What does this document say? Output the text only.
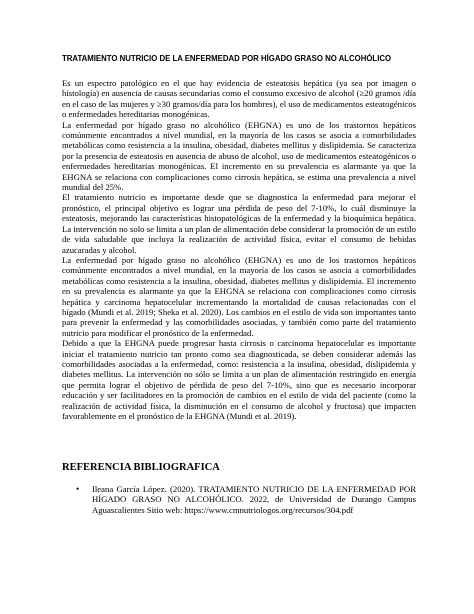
TRATAMIENTO NUTRICIO DE LA ENFERMEDAD POR HÍGADO GRASO NO ALCOHÓLICO

Es un espectro patológico en el que hay evidencia de esteatosis hepática (ya sea por imagen o histología) en ausencia de causas secundarias como el consumo excesivo de alcohol (≥20 gramos /día en el caso de las mujeres y ≥30 gramos/día para los hombres), el uso de medicamentos esteatogénicos o enfermedades hereditarias monogénicas.

La enfermedad por hígado graso no alcohólico (EHGNA) es uno de los trastornos hepáticos comúnmente encontrados a nivel mundial, en la mayoría de los casos se asocia a comorbilidades metabólicas como resistencia a la insulina, obesidad, diabetes mellitus y dislipidemia. Se caracteriza por la presencia de esteatosis en ausencia de abuso de alcohol, uso de medicamentos esteatogénicos o enfermedades hereditarias monogénicas. El incremento en su prevalencia es alarmante ya que la EHGNA se relaciona con complicaciones como cirrosis hepática, se estima una prevalencia a nivel mundial del 25%.

El tratamiento nutricio es importante desde que se diagnostica la enfermedad para mejorar el pronóstico, el principal objetivo es lograr una pérdida de peso del 7-10%, lo cuál disminuye la esteatosis, mejorando las características histopatológicas de la enfermedad y la bioquímica hepática. La intervención no solo se limita a un plan de alimentación debe considerar la promoción de un estilo de vida saludable que incluya la realización de actividad física, evitar el consumo de bebidas azucaradas y alcohol.

La enfermedad por hígado graso no alcohólico (EHGNA) es uno de los trastornos hepáticos comúnmente encontrados a nivel mundial, en la mayoría de los casos se asocia a comorbilidades metabólicas como resistencia a la insulina, obesidad, diabetes mellitus y dislipidemia. El incremento en su prevalencia es alarmante ya que la EHGNA se relaciona con complicaciones como cirrosis hepática y carcinoma hepatocelular incrementando la mortalidad de causas relacionadas con el hígado (Mundi et al. 2019; Sheka et al. 2020). Los cambios en el estilo de vida son importantes tanto para prevenir la enfermedad y las comorbilidades asociadas, y también como parte del tratamiento nutricio para modificar el pronóstico de la enfermedad.

Debido a que la EHGNA puede progresar hasta cirrosis o carcinoma hepatocelular es importante iniciar el tratamiento nutricio tan pronto como sea diagnosticada, se deben considerar además las comorbilidades asociadas a la enfermedad, como: resistencia a la insulina, obesidad, dislipidemia y diabetes mellitus. La intervención no sólo se limita a un plan de alimentación restringido en energía que permita lograr el objetivo de pérdida de peso del 7-10%, sino que es necesario incorporar educación y ser facilitadores en la promoción de cambios en el estilo de vida del paciente (como la realización de actividad física, la disminución en el consumo de alcohol y fructosa) que impacten favorablemente en el pronóstico de la EHGNA (Mundi et al. 2019).

REFERENCIA BIBLIOGRAFICA
• Ileana García López. (2020). TRATAMIENTO NUTRICIO DE LA ENFERMEDAD POR HÍGADO GRASO NO ALCOHÓLICO. 2022, de Universidad de Durango Campus Aguascalientes Sitio web: https://www.cmnutriologos.org/recursos/304.pdf
